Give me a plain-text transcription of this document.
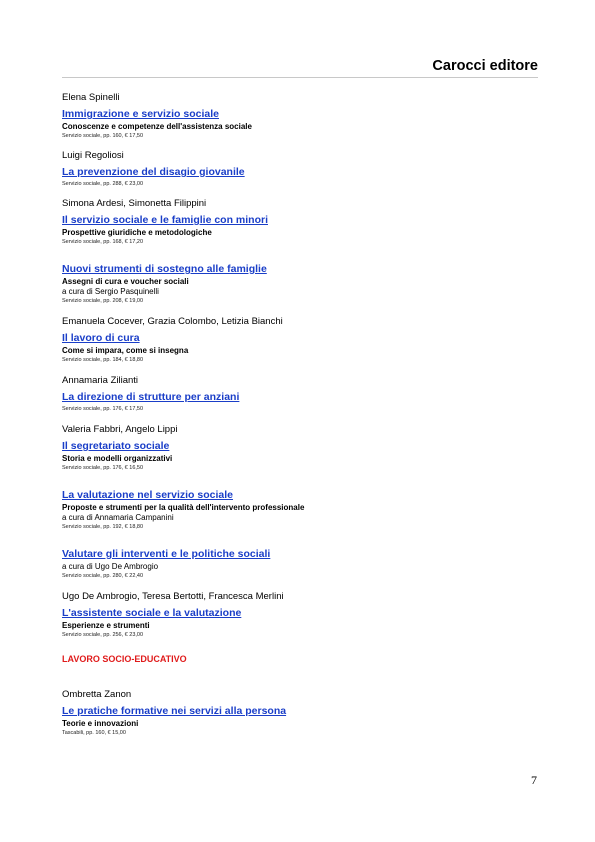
Carocci editore
Elena Spinelli
Immigrazione e servizio sociale
Conoscenze e competenze dell'assistenza sociale
Servizio sociale, pp. 160, € 17,50
Luigi Regoliosi
La prevenzione del disagio giovanile
Servizio sociale, pp. 288, € 23,00
Simona Ardesi, Simonetta Filippini
Il servizio sociale e le famiglie con minori
Prospettive giuridiche e metodologiche
Servizio sociale, pp. 168, € 17,20
Nuovi strumenti di sostegno alle famiglie
Assegni di cura e voucher sociali
a cura di Sergio Pasquinelli
Servizio sociale, pp. 208, € 19,00
Emanuela Cocever, Grazia Colombo, Letizia Bianchi
Il lavoro di cura
Come si impara, come si insegna
Servizio sociale, pp. 184, € 18,80
Annamaria Zilianti
La direzione di strutture per anziani
Servizio sociale, pp. 176, € 17,50
Valeria Fabbri, Angelo Lippi
Il segretariato sociale
Storia e modelli organizzativi
Servizio sociale, pp. 176, € 16,50
La valutazione nel servizio sociale
Proposte e strumenti per la qualità dell'intervento professionale
a cura di Annamaria Campanini
Servizio sociale, pp. 192, € 18,80
Valutare gli interventi e le politiche sociali
a cura di Ugo De Ambrogio
Servizio sociale, pp. 280, € 22,40
Ugo De Ambrogio, Teresa Bertotti, Francesca Merlini
L'assistente sociale e la valutazione
Esperienze e strumenti
Servizio sociale, pp. 256, € 23,00
LAVORO SOCIO-EDUCATIVO
Ombretta Zanon
Le pratiche formative nei servizi alla persona
Teorie e innovazioni
Tascabili, pp. 160, € 15,00
7
